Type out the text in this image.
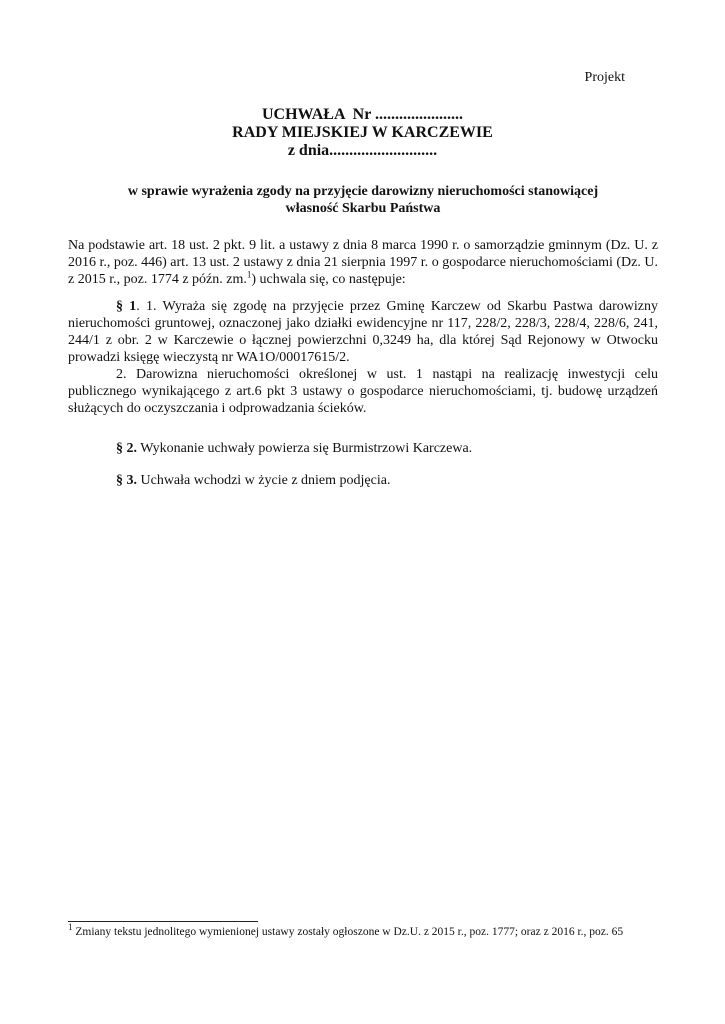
Projekt
UCHWAŁA  Nr ......................
RADY MIEJSKIEJ W KARCZEWIE
z dnia...........................
w sprawie wyrażenia zgody na przyjęcie darowizny nieruchomości stanowiącej
własność Skarbu Państwa
Na podstawie art. 18 ust. 2 pkt. 9 lit. a ustawy z dnia 8 marca 1990 r. o samorządzie gminnym (Dz. U. z 2016 r., poz. 446) art. 13 ust. 2 ustawy z dnia 21 sierpnia 1997 r. o gospodarce nieruchomościami (Dz. U. z 2015 r., poz. 1774 z późn. zm.$^1$) uchwala się, co następuje:

§ 1. 1. Wyraża się zgodę na przyjęcie przez Gminę Karczew od Skarbu Pastwa darowizny nieruchomości gruntowej, oznaczonej jako działki ewidencyjne nr 117, 228/2, 228/3, 228/4, 228/6, 241, 244/1 z obr. 2 w Karczewie o łącznej powierzchni 0,3249 ha, dla której Sąd Rejonowy w Otwocku prowadzi księgę wieczystą nr WA1O/00017615/2.

2. Darowizna nieruchomości określonej w ust. 1 nastąpi na realizację inwestycji celu publicznego wynikającego z art.6 pkt 3 ustawy o gospodarce nieruchomościami, tj. budowę urządzeń służących do oczyszczania i odprowadzania ścieków.

§ 2. Wykonanie uchwały powierza się Burmistrzowi Karczewa.
§ 3. Uchwała wchodzi w życie z dniem podjęcia.
$^1$ Zmiany tekstu jednolitego wymienionej ustawy zostały ogłoszone w Dz.U. z 2015 r., poz. 1777; oraz z 2016 r., poz. 65
